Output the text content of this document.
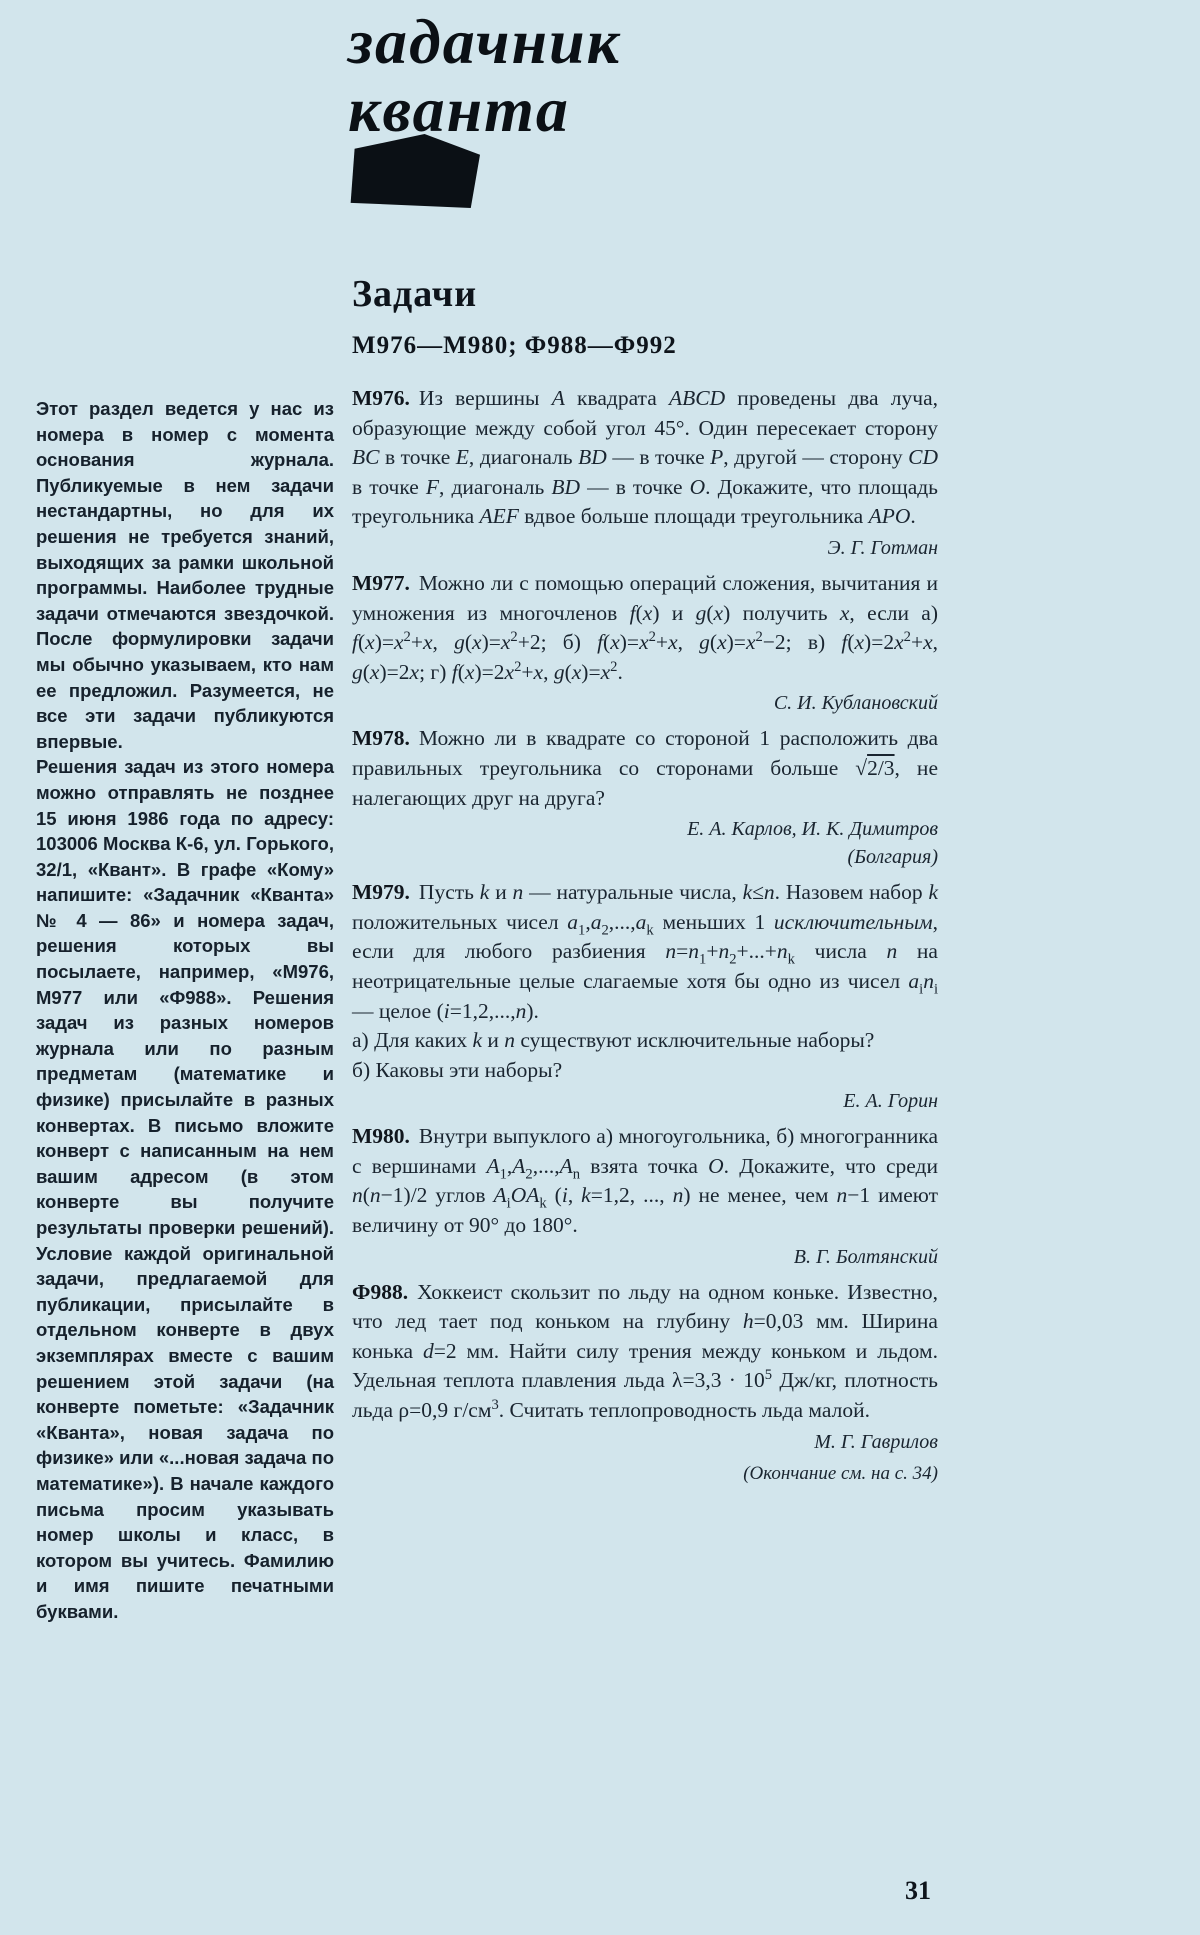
задачник
кванта

Этот раздел ведется у нас из номера в номер с момента основания журнала. Публикуемые в нем задачи нестандартны, но для их решения не требуется знаний, выходящих за рамки школьной программы. Наиболее трудные задачи отмечаются звездочкой. После формулировки задачи мы обычно указываем, кто нам ее предложил. Разумеется, не все эти задачи публикуются впервые.

Решения задач из этого номера можно отправлять не позднее 15 июня 1986 года по адресу: 103006 Москва К-6, ул. Горького, 32/1, «Квант». В графе «Кому» напишите: «Задачник «Кванта» № 4 — 86» и номера задач, решения которых вы посылаете, например, «М976, М977 или «Ф988». Решения задач из разных номеров журнала или по разным предметам (математике и физике) присылайте в разных конвертах. В письмо вложите конверт с написанным на нем вашим адресом (в этом конверте вы получите результаты проверки решений). Условие каждой оригинальной задачи, предлагаемой для публикации, присылайте в отдельном конверте в двух экземплярах вместе с вашим решением этой задачи (на конверте пометьте: «Задачник «Кванта», новая задача по физике» или «...новая задача по математике»). В начале каждого письма просим указывать номер школы и класс, в котором вы учитесь. Фамилию и имя пишите печатными буквами.

Задачи
М976—М980; Ф988—Ф992

М976. Из вершины A квадрата ABCD проведены два луча, образующие между собой угол 45°. Один пересекает сторону BC в точке E, диагональ BD — в точке P, другой — сторону CD в точке F, диагональ BD — в точке O. Докажите, что площадь треугольника AEF вдвое больше площади треугольника APO.

Э. Г. Готман

М977. Можно ли с помощью операций сложения, вычитания и умножения из многочленов f(x) и g(x) получить x, если а) $f(x)=x^2+x$, $g(x)=x^2+2$; б) $f(x)=x^2+x$, $g(x)=x^2-2$; в) $f(x)=2x^2+x$, g(x)=2x; г) $f(x)=2x^2+x$, $g(x)=x^2$.

С. И. Кублановский

М978. Можно ли в квадрате со стороной 1 расположить два правильных треугольника со сторонами больше √2/3, не налегающих друг на друга?

Е. А. Карлов, И. К. Димитров
(Болгария)

М979. Пусть k и n — натуральные числа, k≤n. Назовем набор k положительных чисел $a_1,a_2,...,a_k$ меньших 1 исключительным, если для любого разбиения $n=n_1+n_2+...+n_k$ числа n на неотрицательные целые слагаемые хотя бы одно из чисел $a_in_i$ — целое (i=1,2,...,n).
а) Для каких k и n существуют исключительные наборы?
б) Каковы эти наборы?

Е. А. Горин

М980. Внутри выпуклого а) многоугольника, б) многогранника с вершинами $A_1,A_2,...,A_n$ взята точка O. Докажите, что среди n(n−1)/2 углов $A_iOA_k$ (i, k=1,2, ..., n) не менее, чем n−1 имеют величину от 90° до 180°.

В. Г. Болтянский

Ф988. Хоккеист скользит по льду на одном коньке. Известно, что лед тает под коньком на глубину h=0,03 мм. Ширина конька d=2 мм. Найти силу трения между коньком и льдом. Удельная теплота плавления льда $\lambda=3,3 \cdot 10^5$ Дж/кг, плотность льда ρ=0,9 $г/см^3$. Считать теплопроводность льда малой.

М. Г. Гаврилов
(Окончание см. на с. 34)
31
